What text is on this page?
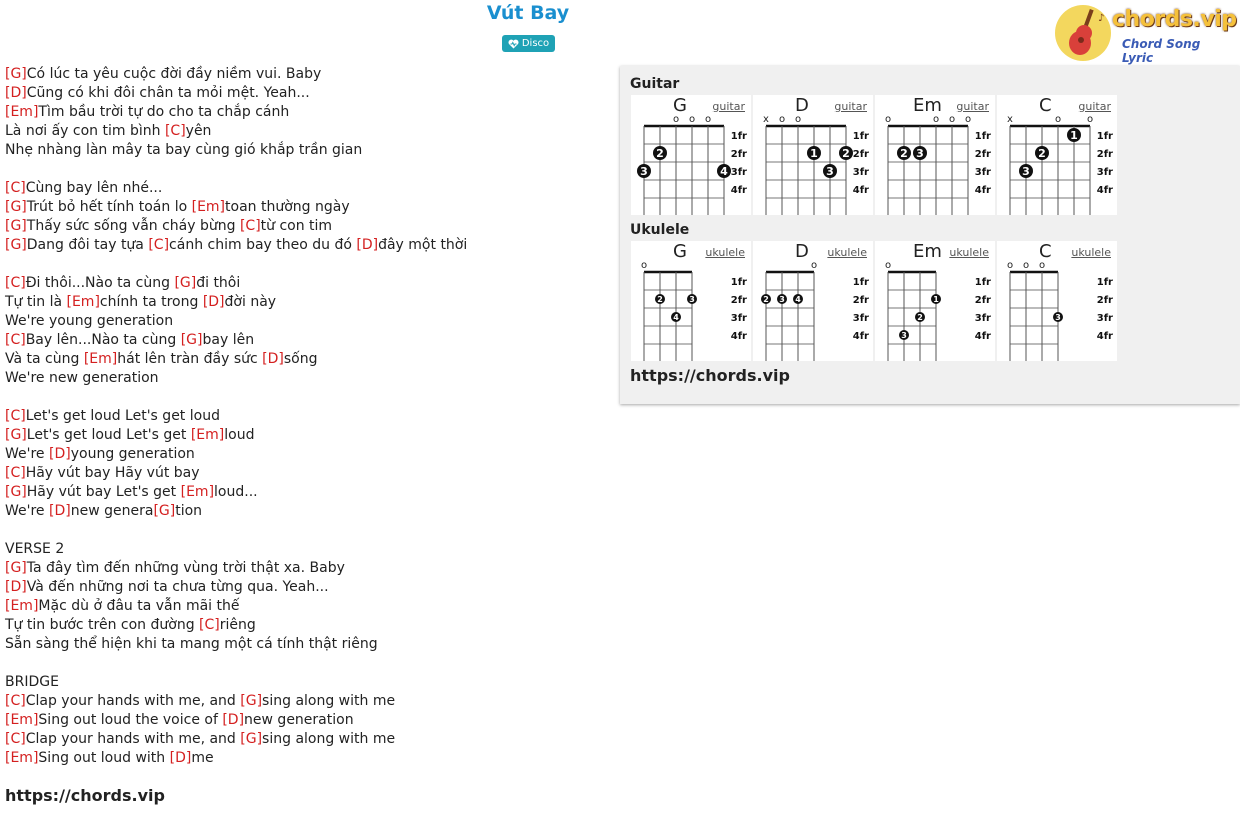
Vút Bay
Disco
♪ chords.vip
Chord Song Lyric
[G]Có lúc ta yêu cuộc đời đầy niềm vui. Baby
[D]Cũng có khi đôi chân ta mỏi mệt. Yeah...
[Em]Tìm bầu trời tự do cho ta chắp cánh
Là nơi ấy con tim bình [C]yên
Nhẹ nhàng làn mây ta bay cùng gió khắp trần gian
[C]Cùng bay lên nhé...
[G]Trút bỏ hết tính toán lo [Em]toan thường ngày
[G]Thấy sức sống vẫn cháy bừng [C]từ con tim
[G]Dang đôi tay tựa [C]cánh chim bay theo du đó [D]đây một thời
[C]Đi thôi...Nào ta cùng [G]đi thôi
Tự tin là [Em]chính ta trong [D]đời này
We're young generation
[C]Bay lên...Nào ta cùng [G]bay lên
Và ta cùng [Em]hát lên tràn đầy sức [D]sống
We're new generation
[C]Let's get loud Let's get loud
[G]Let's get loud Let's get [Em]loud
We're [D]young generation
[C]Hãy vút bay Hãy vút bay
[G]Hãy vút bay Let's get [Em]loud...
We're [D]new genera[G]tion
VERSE 2
[G]Ta đây tìm đến những vùng trời thật xa. Baby
[D]Và đến những nơi ta chưa từng qua. Yeah...
[Em]Mặc dù ở đâu ta vẫn mãi thế
Tự tin bước trên con đường [C]riêng
Sẵn sàng thể hiện khi ta mang một cá tính thật riêng
BRIDGE
[C]Clap your hands with me, and [G]sing along with me
[Em]Sing out loud the voice of [D]new generation
[C]Clap your hands with me, and [G]sing along with me
[Em]Sing out loud with [D]me
https://chords.vip
Guitar
G guitar
o o o
1fr
2fr
3fr
4fr
2
3	4
D guitar
x o o
1fr
2fr
3fr
4fr
1 2
3
Em guitar
o	o o o
1fr
2fr
3fr
4fr
2 3
C guitar
x	o	o
1fr
2fr
3fr
4fr
1
2
3
Ukulele
G ukulele
o
1fr
2fr
3fr
4fr
2	3
4
D ukulele
o
1fr
2fr
3fr
4fr
2 3 4
Em ukulele
o
1fr
2fr
3fr
4fr
1
2
3
C ukulele
o o o
1fr
2fr
3fr
4fr
3
https://chords.vip
